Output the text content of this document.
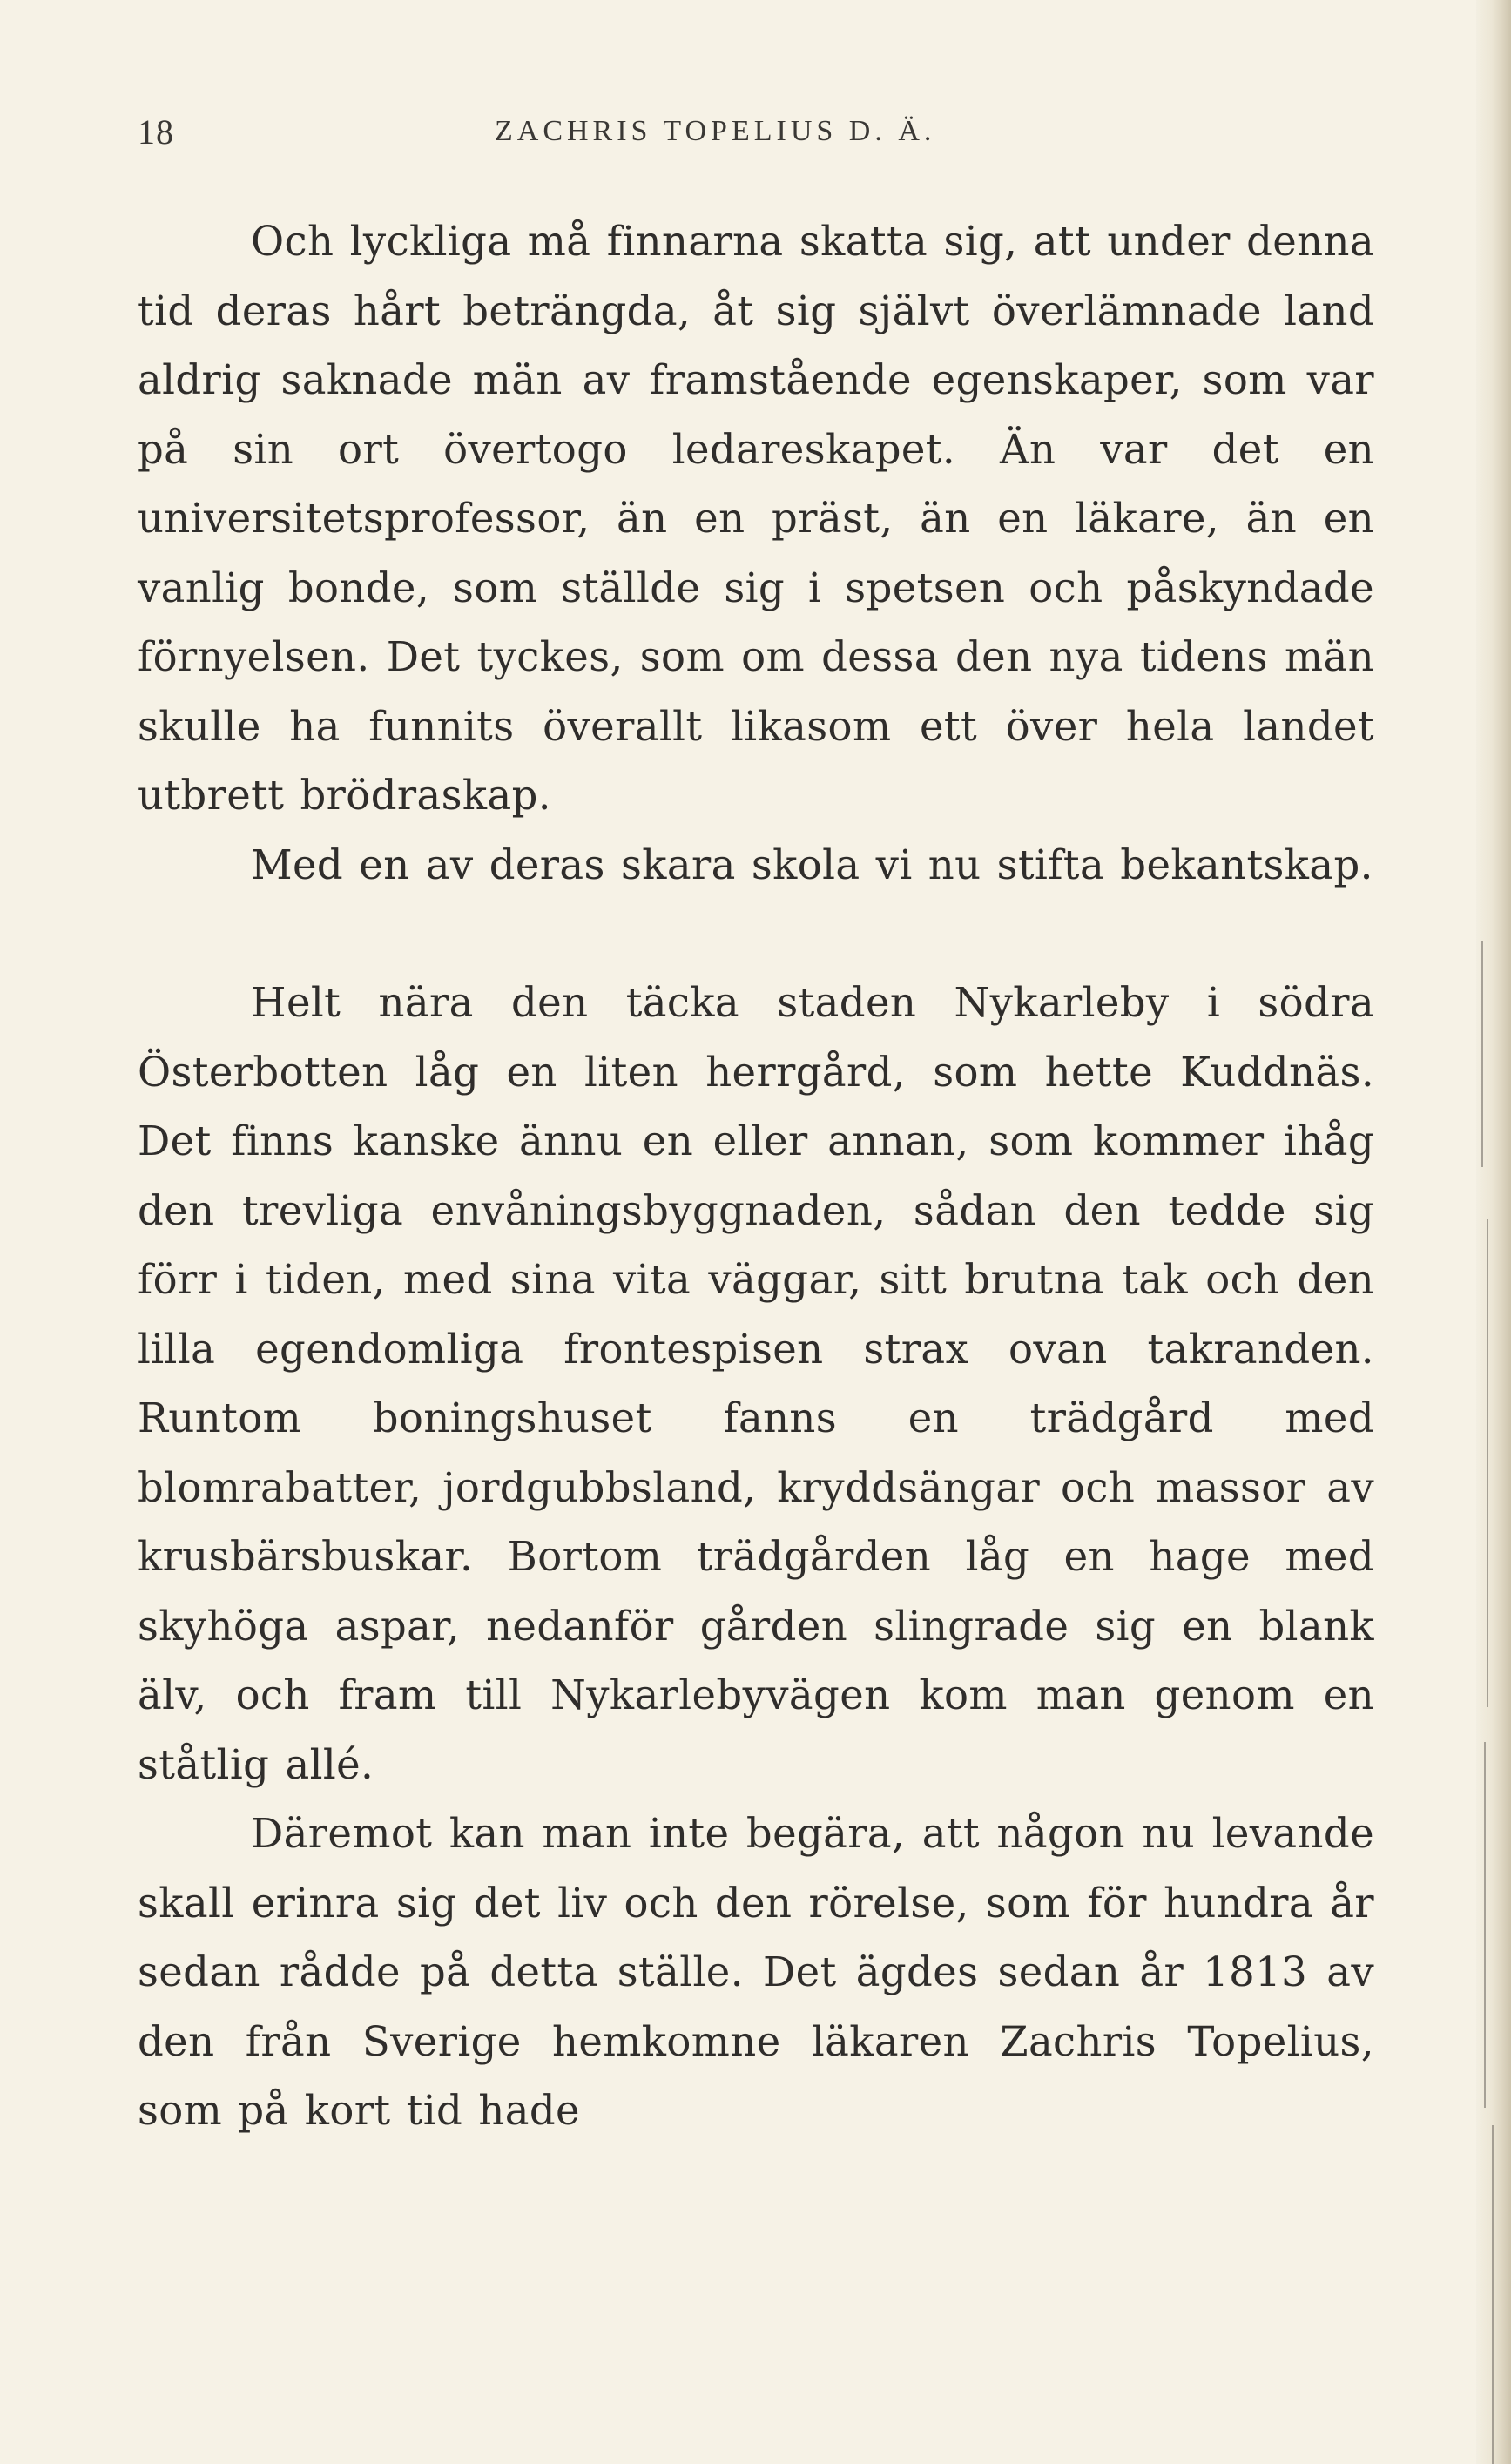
18	ZACHRIS TOPELIUS D. Ä.

Och lyckliga må finnarna skatta sig, att under denna tid deras hårt beträngda, åt sig självt överlämnade land aldrig saknade män av framstående egenskaper, som var på sin ort övertogo ledareskapet. Än var det en universitetsprofessor, än en präst, än en läkare, än en vanlig bonde, som ställde sig i spetsen och påskyndade förnyelsen. Det tyckes, som om dessa den nya tidens män skulle ha funnits överallt likasom ett över hela landet utbrett brödraskap.

Med en av deras skara skola vi nu stifta bekantskap.

Helt nära den täcka staden Nykarleby i södra Österbotten låg en liten herrgård, som hette Kuddnäs. Det finns kanske ännu en eller annan, som kommer ihåg den trevliga envåningsbyggnaden, sådan den tedde sig förr i tiden, med sina vita väggar, sitt brutna tak och den lilla egendomliga frontespisen strax ovan takranden. Runtom boningshuset fanns en trädgård med blomrabatter, jordgubbsland, kryddsängar och massor av krusbärsbuskar. Bortom trädgården låg en hage med skyhöga aspar, nedanför gården slingrade sig en blank älv, och fram till Nykarlebyvägen kom man genom en ståtlig allé.

Däremot kan man inte begära, att någon nu levande skall erinra sig det liv och den rörelse, som för hundra år sedan rådde på detta ställe. Det ägdes sedan år 1813 av den från Sverige hemkomne läkaren Zachris Topelius, som på kort tid hade
